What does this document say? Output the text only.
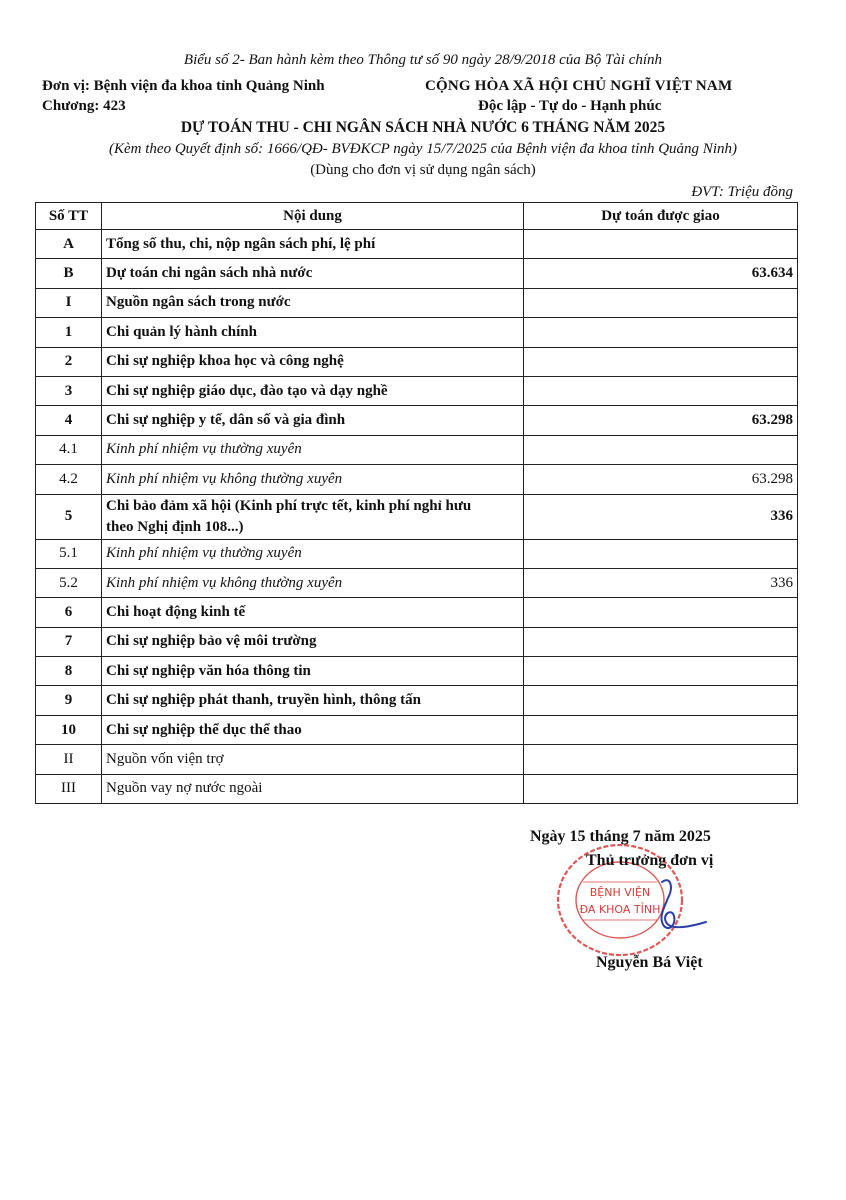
Biểu số 2- Ban hành kèm theo Thông tư số 90 ngày 28/9/2018 của Bộ Tài chính
Đơn vị: Bệnh viện đa khoa tỉnh Quảng Ninh
Chương: 423
CỘNG HÒA XÃ HỘI CHỦ NGHĨ VIỆT NAM
Độc lập - Tự do - Hạnh phúc
DỰ TOÁN THU - CHI NGÂN SÁCH NHÀ NƯỚC 6 THÁNG NĂM 2025
(Kèm theo Quyết định số: 1666/QĐ- BVĐKCP ngày 15/7/2025 của Bệnh viện đa khoa tỉnh Quảng Ninh)
(Dùng cho đơn vị sử dụng ngân sách)
ĐVT: Triệu đồng
Số TT	Nội dung	Dự toán được giao
A	Tổng số thu, chi, nộp ngân sách phí, lệ phí	
B	Dự toán chi ngân sách nhà nước	63.634
I	Nguồn ngân sách trong nước	
1	Chi quản lý hành chính	
2	Chi sự nghiệp khoa học và công nghệ	
3	Chi sự nghiệp giáo dục, đào tạo và dạy nghề	
4	Chi sự nghiệp y tế, dân số và gia đình	63.298
4.1	Kinh phí nhiệm vụ thường xuyên	
4.2	Kinh phí nhiệm vụ không thường xuyên	63.298
5	Chi bảo đảm xã hội (Kinh phí trực tết, kinh phí nghỉ hưu
theo Nghị định 108...)	336
5.1	Kinh phí nhiệm vụ thường xuyên	
5.2	Kinh phí nhiệm vụ không thường xuyên	336
6	Chi hoạt động kinh tế	
7	Chi sự nghiệp bảo vệ môi trường	
8	Chi sự nghiệp văn hóa thông tin	
9	Chi sự nghiệp phát thanh, truyền hình, thông tấn	
10	Chi sự nghiệp thể dục thể thao	
II	Nguồn vốn viện trợ	
III	Nguồn vay nợ nước ngoài	
BỆNH VIỆN
ĐA KHOA TỈNH
Ngày 15 tháng 7 năm 2025
Thủ trưởng đơn vị
Nguyễn Bá Việt
